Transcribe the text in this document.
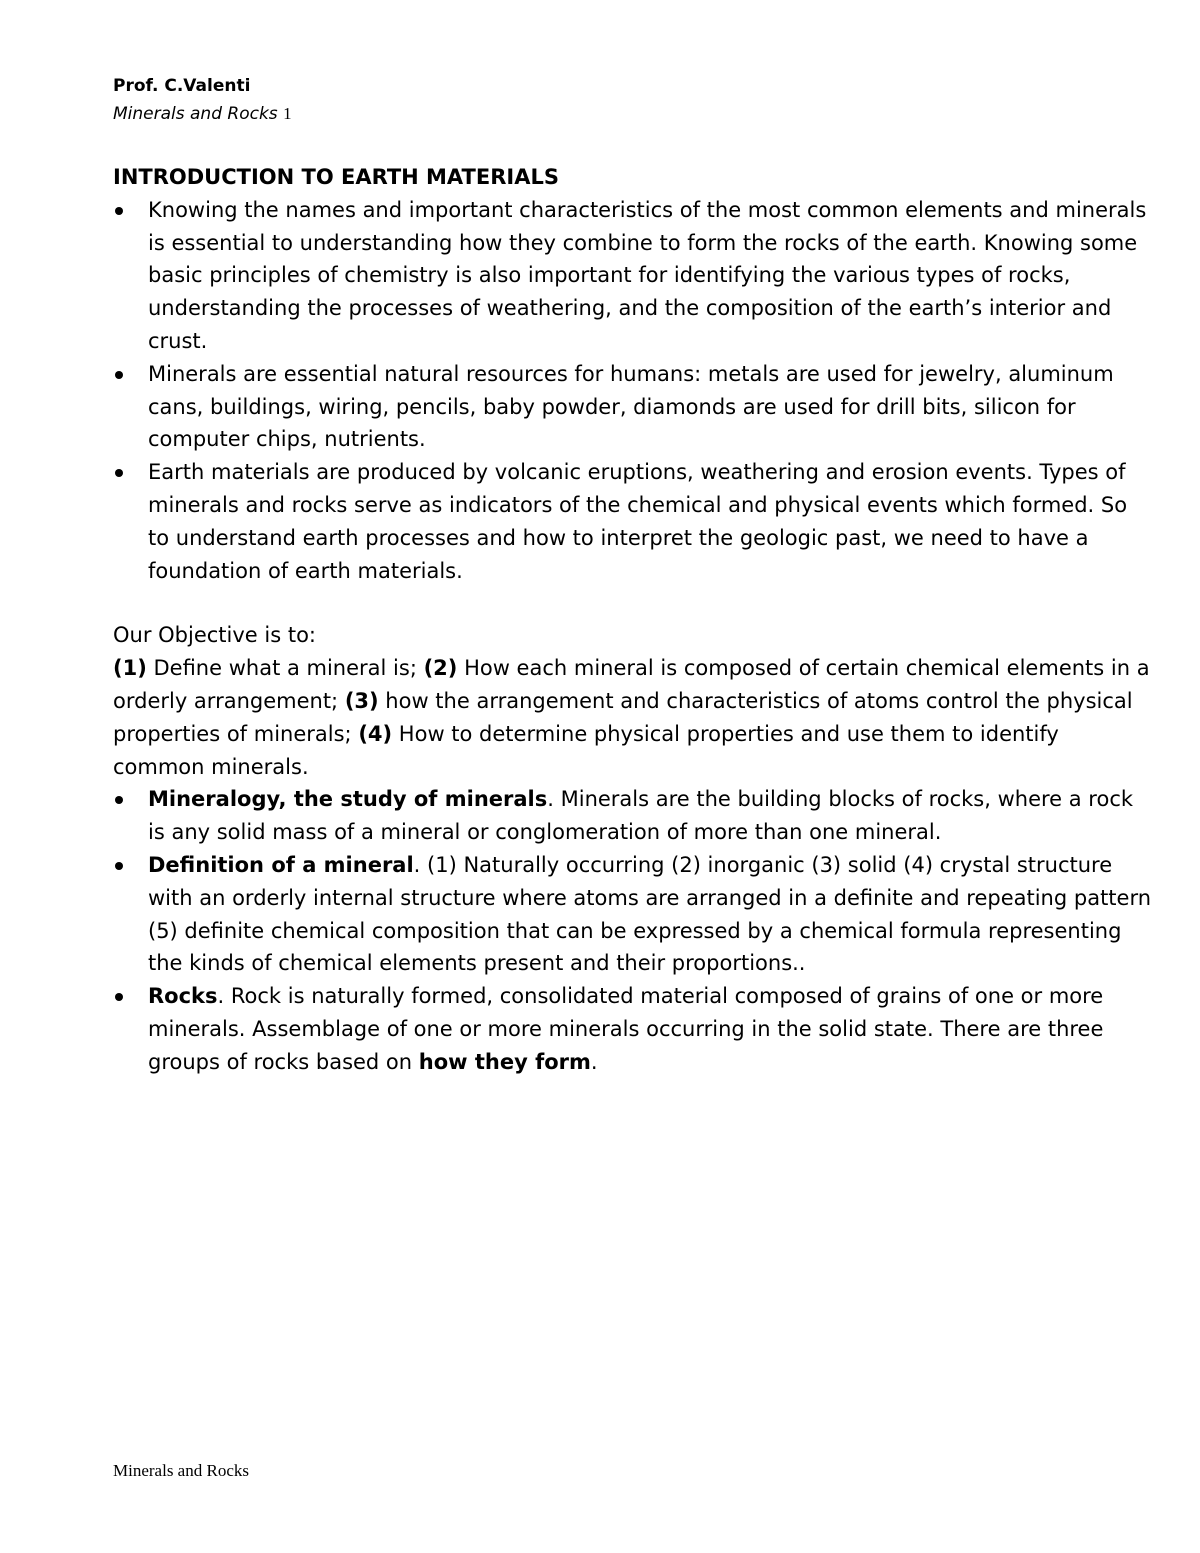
Prof. C.Valenti
Minerals and Rocks 1

INTRODUCTION TO EARTH MATERIALS

Knowing the names and important characteristics of the most common elements and minerals is essential to understanding how they combine to form the rocks of the earth. Knowing some basic principles of chemistry is also important for identifying the various types of rocks, understanding the processes of weathering, and the composition of the earth’s interior and crust.
Minerals are essential natural resources for humans: metals are used for jewelry, aluminum cans, buildings, wiring, pencils, baby powder, diamonds are used for drill bits, silicon for computer chips, nutrients.
Earth materials are produced by volcanic eruptions, weathering and erosion events. Types of minerals and rocks serve as indicators of the chemical and physical events which formed. So to understand earth processes and how to interpret the geologic past, we need to have a foundation of earth materials.

Our Objective is to:

(1) Define what a mineral is; (2) How each mineral is composed of certain chemical elements in a orderly arrangement; (3) how the arrangement and characteristics of atoms control the physical properties of minerals; (4) How to determine physical properties and use them to identify common minerals.

Mineralogy, the study of minerals. Minerals are the building blocks of rocks, where a rock is any solid mass of a mineral or conglomeration of more than one mineral.
Definition of a mineral. (1) Naturally occurring (2) inorganic (3) solid (4) crystal structure with an orderly internal structure where atoms are arranged in a definite and repeating pattern (5) definite chemical composition that can be expressed by a chemical formula representing the kinds of chemical elements present and their proportions..
Rocks. Rock is naturally formed, consolidated material composed of grains of one or more minerals. Assemblage of one or more minerals occurring in the solid state. There are three groups of rocks based on how they form.
Minerals and Rocks
